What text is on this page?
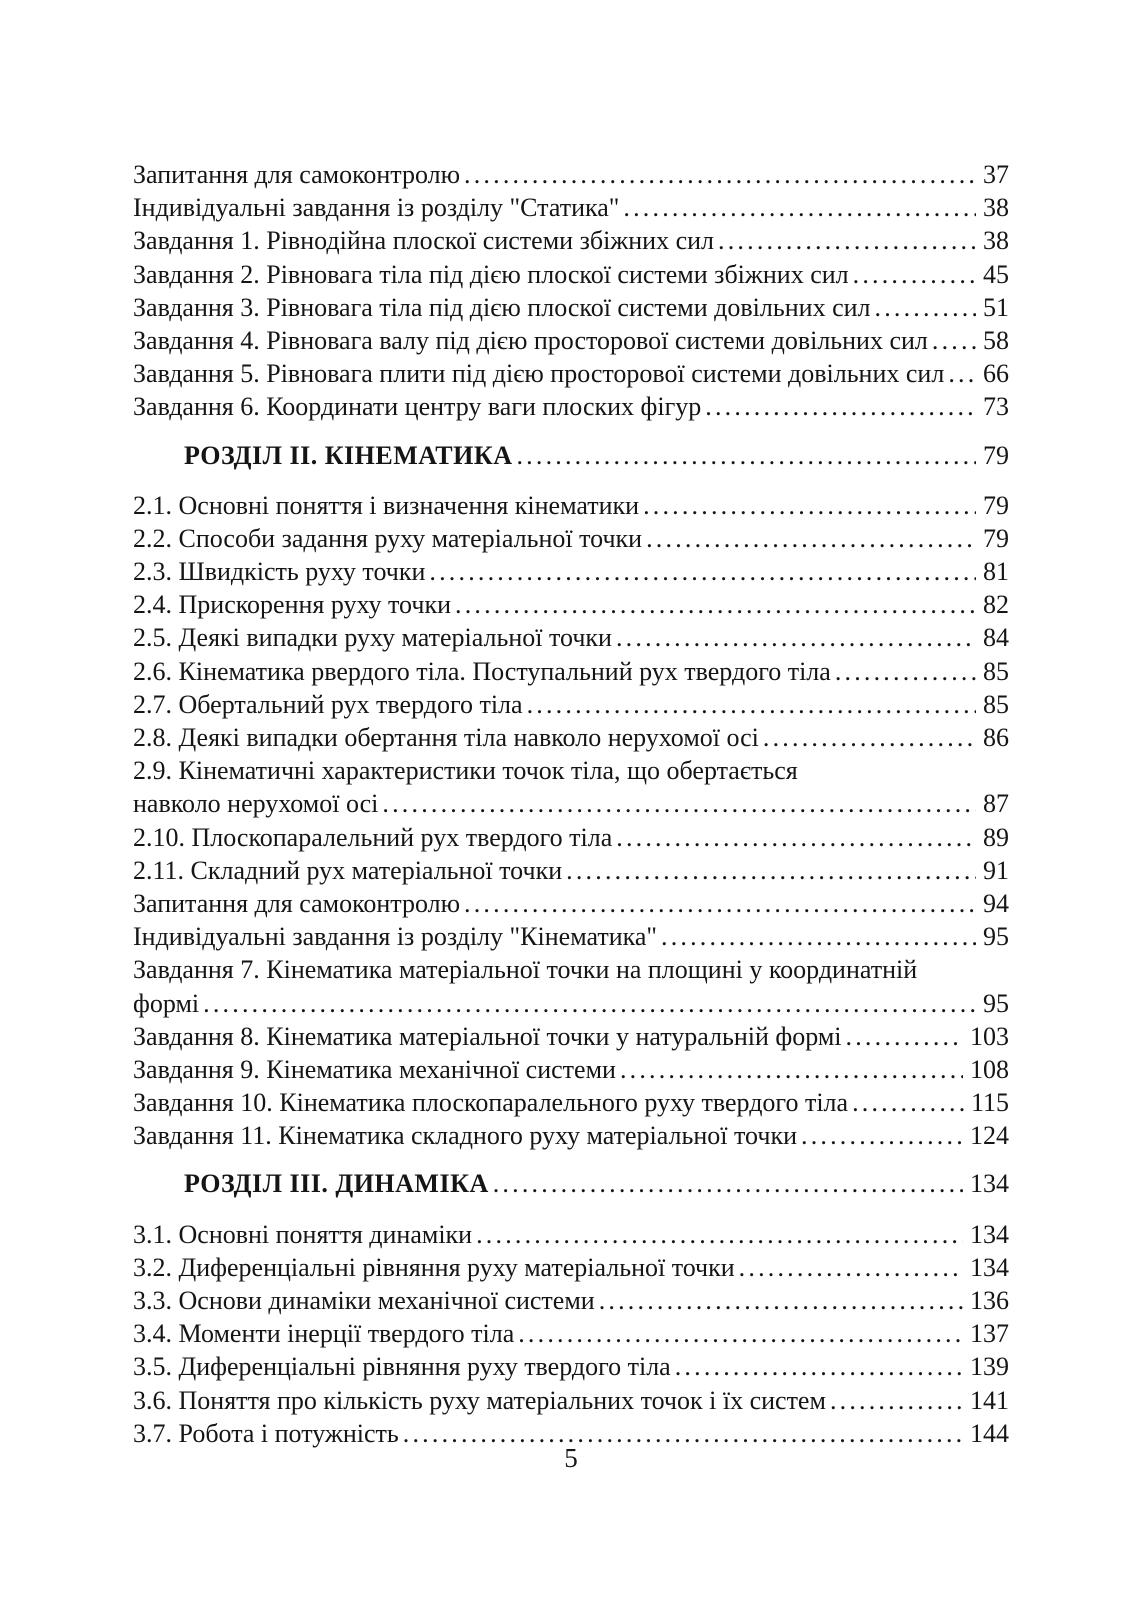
Запитання для самоконтролю .....	37
Індивідуальні завдання із розділу "Статика" .....	38
Завдання 1. Рівнодійна плоскої системи збіжних сил .....	38
Завдання 2. Рівновага тіла під дією плоскої системи збіжних сил .....	45
Завдання 3. Рівновага тіла під дією плоскої системи довільних сил .....	51
Завдання 4. Рівновага валу під дією просторової системи довільних сил ..... 58
Завдання 5. Рівновага плити під дією просторової системи довільних сил ..... 66
Завдання 6. Координати центру ваги плоских фігур .....	73
РОЗДІЛ ІІ. КІНЕМАТИКА .....	79
2.1. Основні поняття і визначення кінематики .....	79
2.2. Способи задання руху матеріальної точки .....	79
2.3. Швидкість руху точки .....	81
2.4. Прискорення руху точки .....	82
2.5. Деякі випадки руху матеріальної точки .....	84
2.6. Кінематика рвердого тіла. Поступальний рух твердого тіла .....	85
2.7. Обертальний рух твердого тіла .....	85
2.8. Деякі випадки обертання тіла навколо нерухомої осі .....	86
2.9. Кінематичні характеристики точок тіла, що обертається
навколо нерухомої осі .....	87
2.10. Плоскопаралельний рух твердого тіла .....	89
2.11. Складний рух матеріальної точки .....	91
Запитання для самоконтролю .....	94
Індивідуальні завдання із розділу "Кінематика" .....	95
Завдання 7. Кінематика матеріальної точки на площині у координатній
формі .....	95
Завдання 8. Кінематика матеріальної точки у натуральній формі .....	103
Завдання 9. Кінематика механічної системи .....	108
Завдання 10. Кінематика плоскопаралельного руху твердого тіла .....	115
Завдання 11. Кінематика складного руху матеріальної точки .....	124
РОЗДІЛ ІІІ. ДИНАМІКА .....	134
3.1. Основні поняття динаміки .....	134
3.2. Диференціальні рівняння руху матеріальної точки .....	134
3.3. Основи динаміки механічної системи .....	136
3.4. Моменти інерції твердого тіла .....	137
3.5. Диференціальні рівняння руху твердого тіла .....	139
3.6. Поняття про кількість руху матеріальних точок і їх систем .....	141
3.7. Робота і потужність .....	144
5
